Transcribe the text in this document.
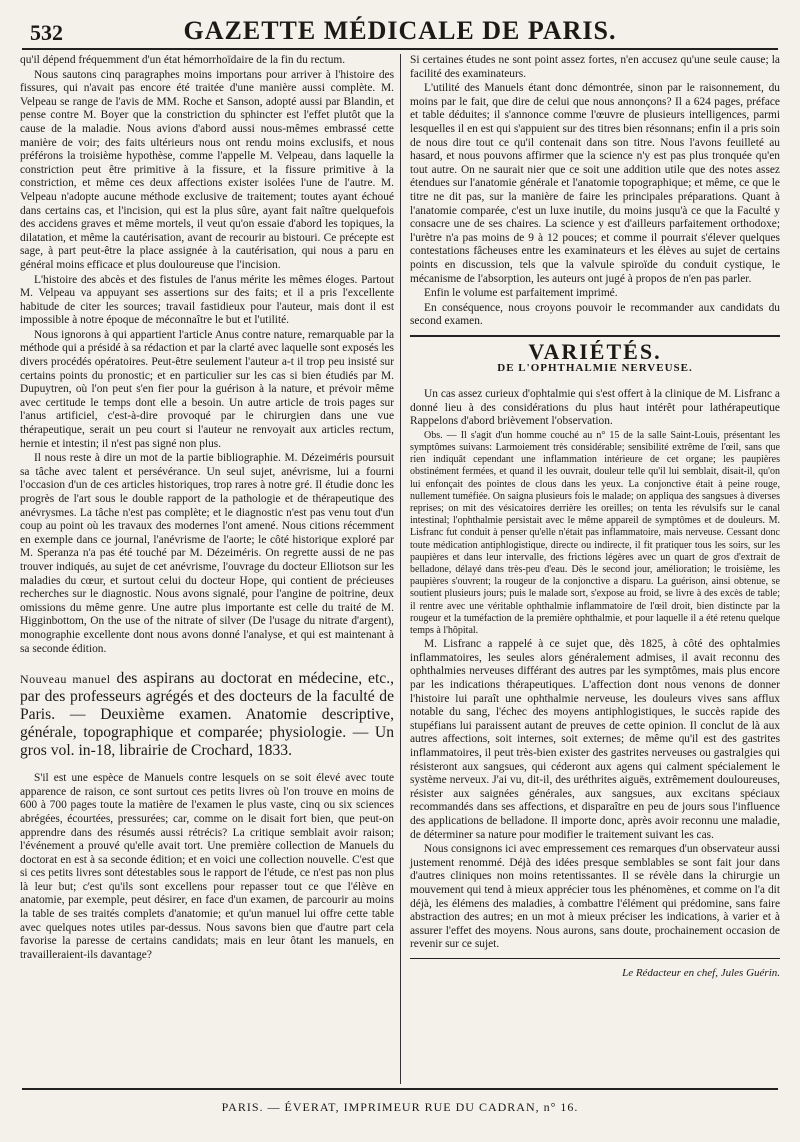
532	GAZETTE MÉDICALE DE PARIS.

qu'il dépend fréquemment d'un état hémorrhoïdaire de la fin du rectum.

Nous sautons cinq paragraphes moins importans pour arriver à l'histoire des fissures, qui n'avait pas encore été traitée d'une manière aussi complète. M. Velpeau se range de l'avis de MM. Roche et Sanson, adopté aussi par Blandin, et pense contre M. Boyer que la constriction du sphincter est l'effet plutôt que la cause de la maladie. Nous avions d'abord aussi nous-mêmes embrassé cette manière de voir; des faits ultérieurs nous ont rendu moins exclusifs, et nous préférons la troisième hypothèse, comme l'appelle M. Velpeau, dans laquelle la constriction peut être primitive à la fissure, et la fissure primitive à la constriction, et même ces deux affections exister isolées l'une de l'autre. M. Velpeau n'adopte aucune méthode exclusive de traitement; toutes ayant échoué dans certains cas, et l'incision, qui est la plus sûre, ayant fait naître quelquefois des accidens graves et même mortels, il veut qu'on essaie d'abord les topiques, la dilatation, et même la cautérisation, avant de recourir au bistouri. Ce précepte est sage, à part peut-être la place assignée à la cautérisation, qui nous a paru en général moins efficace et plus douloureuse que l'incision.

L'histoire des abcès et des fistules de l'anus mérite les mêmes éloges. Partout M. Velpeau va appuyant ses assertions sur des faits; et il a pris l'excellente habitude de citer les sources; travail fastidieux pour l'auteur, mais dont il est impossible à notre époque de méconnaître le but et l'utilité.

Nous ignorons à qui appartient l'article Anus contre nature, remarquable par la méthode qui a présidé à sa rédaction et par la clarté avec laquelle sont exposés les divers procédés opératoires. Peut-être seulement l'auteur a-t il trop peu insisté sur certains points du pronostic; et en particulier sur les cas si bien étudiés par M. Dupuytren, où l'on peut s'en fier pour la guérison à la nature, et prévoir même avec certitude le temps dont elle a besoin. Un autre article de trois pages sur l'anus artificiel, c'est-à-dire provoqué par le chirurgien dans une vue thérapeutique, serait un peu court si l'auteur ne renvoyait aux articles rectum, hernie et intestin; il n'est pas signé non plus.

Il nous reste à dire un mot de la partie bibliographie. M. Dézeiméris poursuit sa tâche avec talent et persévérance. Un seul sujet, anévrisme, lui a fourni l'occasion d'un de ces articles historiques, trop rares à notre gré. Il étudie donc les progrès de l'art sous le double rapport de la pathologie et de thérapeutique des anévrysmes. La tâche n'est pas complète; et le diagnostic n'est pas venu tout d'un coup au point où les travaux des modernes l'ont amené. Nous citions récemment en exemple dans ce journal, l'anévrisme de l'aorte; le côté historique exploré par M. Speranza n'a pas été touché par M. Dézeiméris. On regrette aussi de ne pas trouver indiqués, au sujet de cet anévrisme, l'ouvrage du docteur Elliotson sur les maladies du cœur, et surtout celui du docteur Hope, qui contient de précieuses recherches sur le diagnostic. Nous avons signalé, pour l'angine de poitrine, deux omissions du même genre. Une autre plus importante est celle du traité de M. Higginbottom, On the use of the nitrate of silver (De l'usage du nitrate d'argent), monographie excellente dont nous avons donné l'analyse, et qui est maintenant à sa seconde édition.

Nouveau manuel des aspirans au doctorat en médecine, etc., par des professeurs agrégés et des docteurs de la faculté de Paris. — Deuxième examen. Anatomie descriptive, générale, topographique et comparée; physiologie. — Un gros vol. in-18, librairie de Crochard, 1833.

S'il est une espèce de Manuels contre lesquels on se soit élevé avec toute apparence de raison, ce sont surtout ces petits livres où l'on trouve en moins de 600 à 700 pages toute la matière de l'examen le plus vaste, cinq ou six sciences abrégées, écourtées, pressurées; car, comme on le disait fort bien, que peut-on apprendre dans des résumés aussi rétrécis? La critique semblait avoir raison; l'événement a prouvé qu'elle avait tort. Une première collection de Manuels du doctorat en est à sa seconde édition; et en voici une collection nouvelle. C'est que si ces petits livres sont détestables sous le rapport de l'étude, ce n'est pas non plus là leur but; c'est qu'ils sont excellens pour repasser tout ce que l'élève en anatomie, par exemple, peut désirer, en face d'un examen, de parcourir au moins la table de ses traités complets d'anatomie; et qu'un manuel lui offre cette table avec quelques notes utiles par-dessus. Nous savons bien que d'autre part cela favorise la paresse de certains candidats; mais en leur ôtant les manuels, en travailleraient-ils davantage?

Si certaines études ne sont point assez fortes, n'en accusez qu'une seule cause; la facilité des examinateurs.

L'utilité des Manuels étant donc démontrée, sinon par le raisonnement, du moins par le fait, que dire de celui que nous annonçons? Il a 624 pages, préface et table déduites; il s'annonce comme l'œuvre de plusieurs intelligences, parmi lesquelles il en est qui s'appuient sur des titres bien résonnans; enfin il a pris soin de nous dire tout ce qu'il contenait dans son titre. Nous l'avons feuilleté au hasard, et nous pouvons affirmer que la science n'y est pas plus tronquée qu'en tout autre. On ne saurait nier que ce soit une addition utile que des notes assez étendues sur l'anatomie générale et l'anatomie topographique; et même, ce que le titre ne dit pas, sur la manière de faire les principales préparations. Quant à l'anatomie comparée, c'est un luxe inutile, du moins jusqu'à ce que la Faculté y consacre une de ses chaires. La science y est d'ailleurs parfaitement orthodoxe; l'urètre n'a pas moins de 9 à 12 pouces; et comme il pourrait s'élever quelques contestations fâcheuses entre les examinateurs et les élèves au sujet de certains points en discussion, tels que la valvule spiroïde du conduit cystique, le mécanisme de l'absorption, les auteurs ont jugé à propos de n'en pas parler.

Enfin le volume est parfaitement imprimé.

En conséquence, nous croyons pouvoir le recommander aux candidats du second examen.

VARIÉTÉS.
DE L'OPHTHALMIE NERVEUSE.

Un cas assez curieux d'ophtalmie qui s'est offert à la clinique de M. Lisfranc a donné lieu à des considérations du plus haut intérêt pour lathérapeutique Rappelons d'abord brièvement l'observation.

Obs. — Il s'agit d'un homme couché au n° 15 de la salle Saint-Louis, présentant les symptômes suivans: Larmoiement très considérable; sensibilité extrême de l'œil, sans que rien indiquât cependant une inflammation intérieure de cet organe; les paupières obstinément fermées, et quand il les ouvrait, douleur telle qu'il lui semblait, disait-il, qu'on lui enfonçait des pointes de clous dans les yeux. La conjonctive était à peine rouge, nullement tuméfiée. On saigna plusieurs fois le malade; on appliqua des sangsues à diverses reprises; on mit des vésicatoires derrière les oreilles; on tenta les révulsifs sur le canal intestinal; l'ophthalmie persistait avec le même appareil de symptômes et de douleurs. M. Lisfranc fut conduit à penser qu'elle n'était pas inflammatoire, mais nerveuse. Cessant donc toute médication antiphlogistique, directe ou indirecte, il fit pratiquer tous les soirs, sur les paupières et dans leur intervalle, des frictions légères avec un quart de gros d'extrait de belladone, délayé dans très-peu d'eau. Dès le second jour, amélioration; le troisième, les paupières s'ouvrent; la rougeur de la conjonctive a disparu. La guérison, ainsi obtenue, se soutient plusieurs jours; puis le malade sort, s'expose au froid, se livre à des excès de table; il rentre avec une véritable ophthalmie inflammatoire de l'œil droit, bien distincte par la rougeur et la tuméfaction de la première ophthalmie, et pour laquelle il a été retenu quelque temps à l'hôpital.

M. Lisfranc a rappelé à ce sujet que, dès 1825, à côté des ophtalmies inflammatoires, les seules alors généralement admises, il avait reconnu des ophthalmies nerveuses différant des autres par les symptômes, mais plus encore par les indications thérapeutiques. L'affection dont nous venons de donner l'histoire lui paraît une ophthalmie nerveuse, les douleurs vives sans afflux notable du sang, l'échec des moyens antiphlogistiques, le succès rapide des stupéfians lui paraissent autant de preuves de cette opinion. Il conclut de là aux autres affections, soit internes, soit externes; de même qu'il est des gastrites inflammatoires, il peut très-bien exister des gastrites nerveuses ou gastralgies qui résisteront aux sangsues, qui céderont aux agens qui calment spécialement le système nerveux. J'ai vu, dit-il, des uréthrites aiguës, extrêmement douloureuses, résister aux saignées générales, aux sangsues, aux excitans spéciaux recommandés dans ses affections, et disparaître en peu de jours sous l'influence des applications de belladone. Il importe donc, après avoir reconnu une maladie, de déterminer sa nature pour modifier le traitement suivant les cas.

Nous consignons ici avec empressement ces remarques d'un observateur aussi justement renommé. Déjà des idées presque semblables se sont fait jour dans d'autres cliniques non moins retentissantes. Il se révèle dans la chirurgie un mouvement qui tend à mieux apprécier tous les phénomènes, et comme on l'a dit déjà, les élémens des maladies, à combattre l'élément qui prédomine, sans faire abstraction des autres; en un mot à mieux préciser les indications, à varier et à assurer l'effet des moyens. Nous aurons, sans doute, prochainement occasion de revenir sur ce sujet.

Le Rédacteur en chef, Jules Guérin.
PARIS. — ÉVERAT, IMPRIMEUR RUE DU CADRAN, n° 16.
